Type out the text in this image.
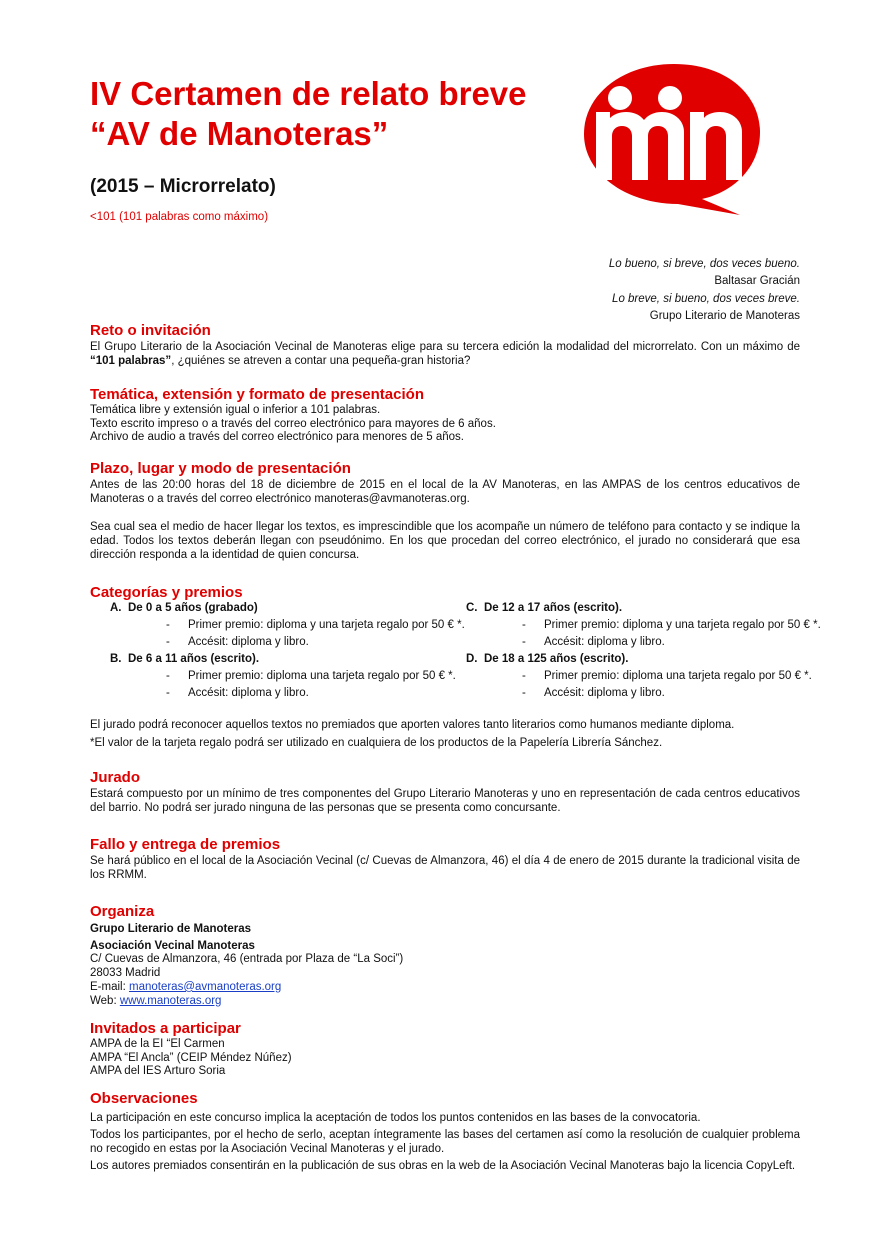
IV Certamen de relato breve
“AV de Manoteras”
(2015 – Microrrelato)
<101 (101 palabras como máximo)
Lo bueno, si breve, dos veces bueno.
Baltasar Gracián
Lo breve, si bueno, dos veces breve.
Grupo Literario de Manoteras
Reto o invitación

El Grupo Literario de la Asociación Vecinal de Manoteras elige para su tercera edición la modalidad del microrrelato. Con un máximo de “101 palabras”, ¿quiénes se atreven a contar una pequeña-gran historia?

Temática, extensión y formato de presentación
Temática libre y extensión igual o inferior a 101 palabras.
Texto escrito impreso o a través del correo electrónico para mayores de 6 años.
Archivo de audio a través del correo electrónico para menores de 5 años.
Plazo, lugar y modo de presentación

Antes de las 20:00 horas del 18 de diciembre de 2015 en el local de la AV Manoteras, en las AMPAS de los centros educativos de Manoteras o a través del correo electrónico manoteras@avmanoteras.org.

Sea cual sea el medio de hacer llegar los textos, es imprescindible que los acompañe un número de teléfono para contacto y se indique la edad. Todos los textos deberán llegan con pseudónimo. En los que procedan del correo electrónico, el jurado no considerará que esa dirección responda a la identidad de quien concursa.

Categorías y premios
A. De 0 a 5 años (grabado)
- Primer premio: diploma y una tarjeta regalo por 50 € *.
- Accésit: diploma y libro.
B. De 6 a 11 años (escrito).
- Primer premio: diploma una tarjeta regalo por 50 € *.
- Accésit: diploma y libro.
C. De 12 a 17 años (escrito).
- Primer premio: diploma y una tarjeta regalo por 50 € *.
- Accésit: diploma y libro.
D. De 18 a 125 años (escrito).
- Primer premio: diploma una tarjeta regalo por 50 € *.
- Accésit: diploma y libro.
El jurado podrá reconocer aquellos textos no premiados que aporten valores tanto literarios como humanos mediante diploma.
*El valor de la tarjeta regalo podrá ser utilizado en cualquiera de los productos de la Papelería Librería Sánchez.
Jurado

Estará compuesto por un mínimo de tres componentes del Grupo Literario Manoteras y uno en representación de cada centros educativos del barrio. No podrá ser jurado ninguna de las personas que se presenta como concursante.

Fallo y entrega de premios

Se hará público en el local de la Asociación Vecinal (c/ Cuevas de Almanzora, 46) el día 4 de enero de 2015 durante la tradicional visita de los RRMM.

Organiza
Grupo Literario de Manoteras
Asociación Vecinal Manoteras
C/ Cuevas de Almanzora, 46 (entrada por Plaza de “La Soci”)
28033 Madrid
E-mail: manoteras@avmanoteras.org
Web: www.manoteras.org
Invitados a participar
AMPA de la EI “El Carmen
AMPA “El Ancla” (CEIP Méndez Núñez)
AMPA del IES Arturo Soria
Observaciones

La participación en este concurso implica la aceptación de todos los puntos contenidos en las bases de la convocatoria.

Todos los participantes, por el hecho de serlo, aceptan íntegramente las bases del certamen así como la resolución de cualquier problema no recogido en estas por la Asociación Vecinal Manoteras y el jurado.

Los autores premiados consentirán en la publicación de sus obras en la web de la Asociación Vecinal Manoteras bajo la licencia CopyLeft.
